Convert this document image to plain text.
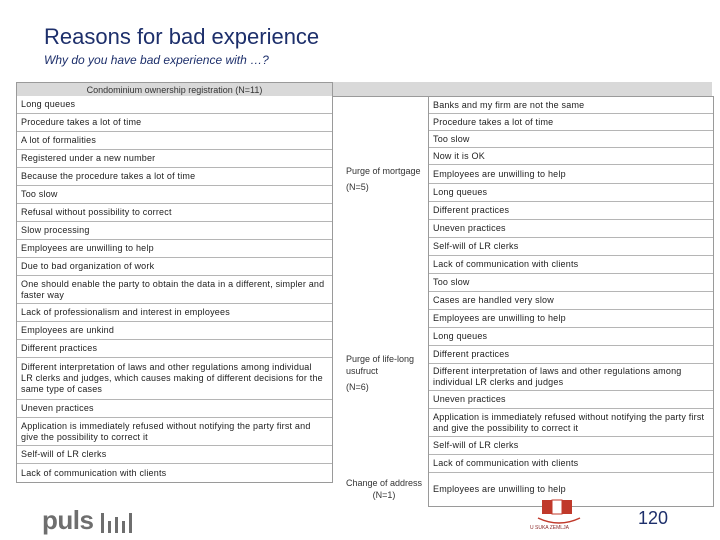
Reasons for bad experience
Why do you have bad experience with …?
Condominium ownership registration (N=11)
Long queues
Procedure takes a lot of time
A lot of formalities
Registered under a new number
Because the procedure takes a lot of time
Too slow
Refusal without possibility to correct
Slow processing
Employees are unwilling to help
Due to bad organization of work
One should enable the party to obtain the data in a different, simpler and faster way
Lack of professionalism and interest in employees
Employees are unkind
Different practices
Different interpretation of laws and other regulations among individual LR clerks and judges, which causes making of different decisions for the same type of cases
Uneven practices
Application is immediately refused without notifying the party first and give the possibility to correct it
Self-will of LR clerks
Lack of communication with clients
Purge of mortgage
(N=5)
Purge of life-long usufruct
(N=6)
Change of address (N=1)
Banks and my firm are not the same
Procedure takes a lot of time
Too slow
Now it is OK
Employees are unwilling to help
Long queues
Different practices
Uneven practices
Self-will of LR clerks
Lack of communication with clients
Too slow
Cases are handled very slow
Employees are unwilling to help
Long queues
Different practices
Different interpretation of laws and other regulations among individual LR clerks and judges
Uneven practices
Application is immediately refused without notifying the party first and give the possibility to correct it
Self-will of LR clerks
Lack of communication with clients
Employees are unwilling to help
puls	U SUKA ZEMLJA	120
